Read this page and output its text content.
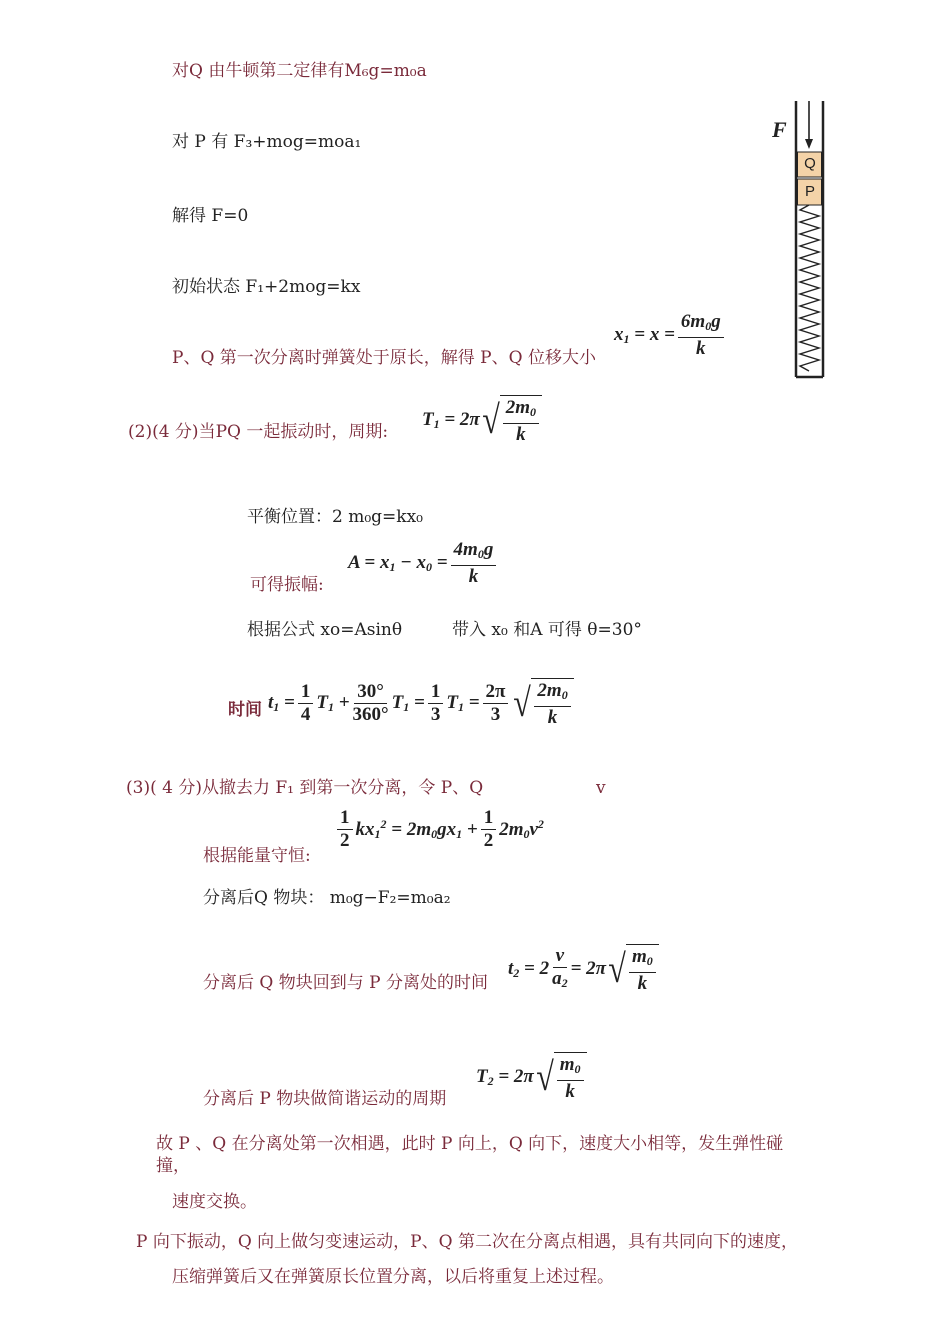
对Q 由牛顿第二定律有M₆g=m₀a
对 P 有 F₃+mog=moa₁
解得 F=0
初始状态 F₁+2mog=kx
P、Q 第一次分离时弹簧处于原长，解得 P、Q 位移大小
$x_1 = x = \frac{6m_0g}{k}$
(2)(4 分)当PQ 一起振动时，周期:
$T_1 = 2\pi$ √ $\frac{2m_0}{k}$
平衡位置：2 m₀g=kx₀
可得振幅:
$A = x_1 - x_0 = \frac{4m_0g}{k}$
根据公式 xo=Asinθ	带入 x₀ 和A 可得 θ=30°
时间 $t_1 = \frac{1}{4} T_1 + \frac{30^\circ}{360^\circ} T_1 = \frac{1}{3} T_1 = \frac{2\pi}{3}$ √ $\frac{2m_0}{k}$
(3)( 4 分)从撤去力 F₁ 到第一次分离，令 P、Q	v
根据能量守恒:
$\frac{1}{2} kx_1^2 = 2m_0gx_1 + \frac{1}{2} 2m_0v^2$
分离后Q 物块： m₀g−F₂=m₀a₂
分离后 Q 物块回到与 P 分离处的时间
$t_2 = 2 \frac{v}{a_2} = 2\pi$ √ $\frac{m_0}{k}$
分离后 P 物块做简谐运动的周期
$T_2 = 2\pi$ √ $\frac{m_0}{k}$
故 P 、Q 在分离处第一次相遇，此时 P 向上，Q 向下，速度大小相等，发生弹性碰
撞，
速度交换。
P 向下振动，Q 向上做匀变速运动，P、Q 第二次在分离点相遇，具有共同向下的速度，
压缩弹簧后又在弹簧原长位置分离，以后将重复上述过程。
F
Q
P
